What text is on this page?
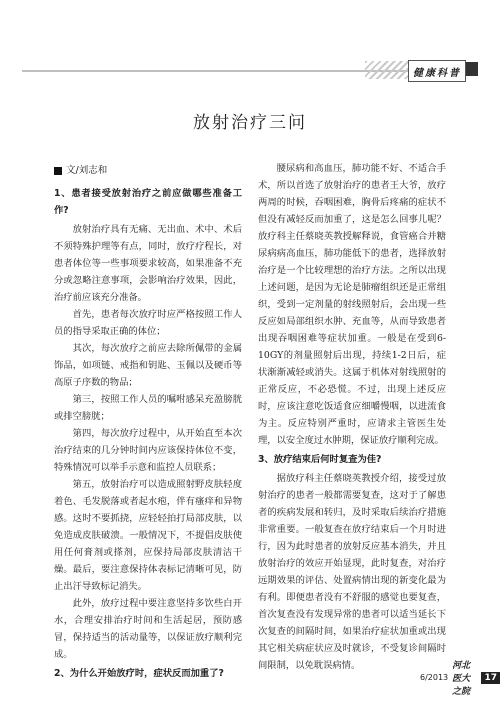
健康科普
放射治疗三问
文/刘志和
1、患者接受放射治疗之前应做哪些准备工作?

放射治疗具有无痛、无出血、术中、术后不须特殊护理等有点，同时，放疗疗程长，对患者体位等一些事项要求较高，如果准备不充分或忽略注意事项，会影响治疗效果，因此，治疗前应该充分准备。

首先，患者每次放疗时应严格按照工作人员的指导采取正确的体位；

其次，每次放疗之前应去除所佩带的金属饰品，如项链、戒指和钥匙、玉佩以及硬币等高原子序数的物品；

第三，按照工作人员的嘱咐感呆充盈膀胱或排空膀胱；

第四，每次放疗过程中，从开始直至本次治疗结束的几分钟时间内应该保持体位不变，特殊情况可以举手示意和监控人员联系；

第五，放射治疗可以造成照射野皮肤轻度着色、毛发脱落或者起水疱，伴有瘙痒和异物感。这时不要抓挠，应轻轻拍打局部皮肤，以免造成皮肤破溃。一般情况下，不提倡皮肤使用任何膏剂或搽剂，应保持局部皮肤清洁干燥。最后，要注意保持体表标记清晰可见，防止出汗导致标记消失。

此外，放疗过程中要注意坚持多饮些白开水，合理安排治疗时间和生活起居，预防感冒，保持适当的活动量等，以保证放疗顺利完成。

2、为什么开始放疗时，症状反而加重了?

腰尿病和高血压，肺功能不好、不适合手术，所以首选了放射治疗的患者王大爷，放疗两周的时候，吞咽困难，胸骨后疼痛的症状不但没有减轻反而加重了，这是怎么回事儿呢？放疗科主任蔡晓英教授解释说，食管癌合并糖尿病病高血压，肺功能低下的患者，选择放射治疗是一个比较理想的治疗方法。之所以出现上述问题，是因为无论是肺瘤组织还是正常组织，受到一定剂量的射线照射后，会出现一些反应如局部组织水肿、充血等，从而导致患者出现吞咽困难等症状加重。一般是在受到6-10GY的剂量照射后出现，持续1-2日后，症状渐渐减轻或消失。这属于机体对射线照射的正常反应，不必恐慌。不过，出现上述反应时，应该注意吃饭适食应细嚼慢咽，以进流食为主。反应特别严重时，应请求主管医生处理，以安全度过水肿期，保证放疗顺利完成。

3、放疗结束后何时复查为佳?

据放疗科主任蔡晓英教授介绍，接受过放射治疗的患者一般都需要复查，这对于了解患者的疾病发展和转归，及时采取后续治疗措施非常重要。一般复查在放疗结束后一个月时进行，因为此时患者的放射反应基本消失，并且放射治疗的效应开始显现，此时复查，对治疗远期效果的评估、处置病情出现的新变化最为有利。即便患者没有不舒服的感觉也要复查，首次复查没有发现异常的患者可以适当延长下次复查的间隔时间，如果治疗症状加重或出现其它相关病症状应及时就诊，不受复诊间隔时间限制，以免耽误病情。

6/2013
河北医大之院
17
